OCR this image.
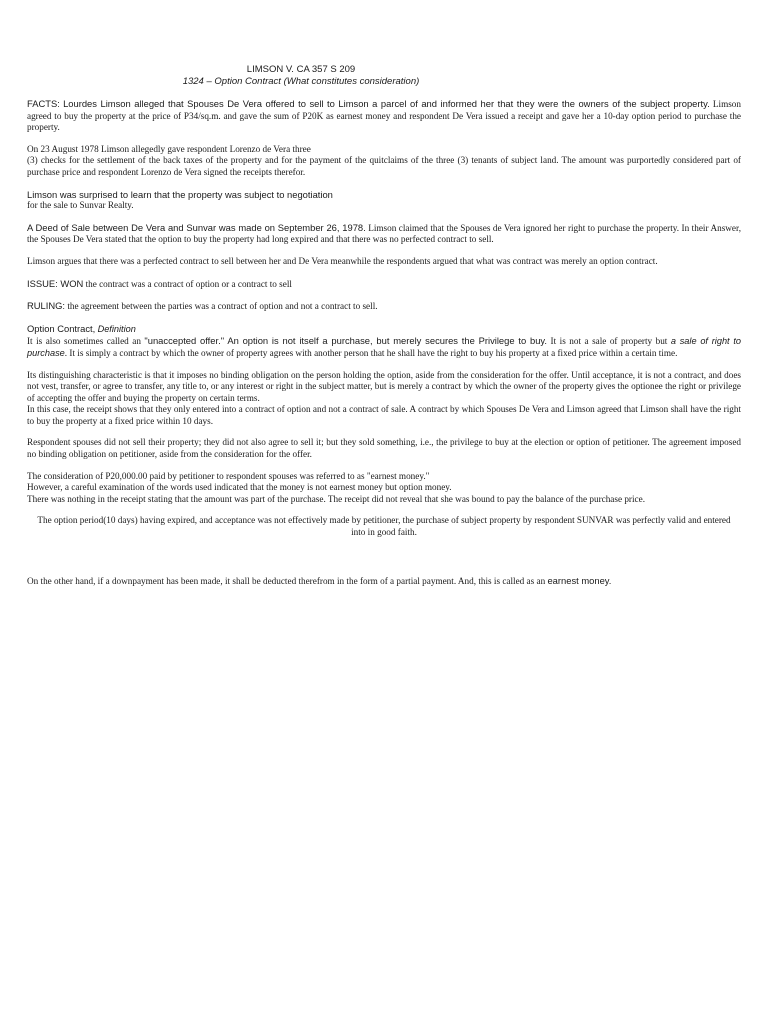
LIMSON V. CA 357 S 209
1324 – Option Contract (What constitutes consideration)

FACTS: Lourdes Limson alleged that Spouses De Vera offered to sell to Limson a parcel of and informed her that they were the owners of the subject property. Limson agreed to buy the property at the price of P34/sq.m. and gave the sum of P20K as earnest money and respondent De Vera issued a receipt and gave her a 10-day option period to purchase the property.

On 23 August 1978 Limson allegedly gave respondent Lorenzo de Vera three
(3) checks for the settlement of the back taxes of the property and for the payment of the quitclaims of the three (3) tenants of subject land. The amount was purportedly considered part of purchase price and respondent Lorenzo de Vera signed the receipts therefor.

Limson was surprised to learn that the property was subject to negotiation
for the sale to Sunvar Realty.

A Deed of Sale between De Vera and Sunvar was made on September 26, 1978. Limson claimed that the Spouses de Vera ignored her right to purchase the property. In their Answer, the Spouses De Vera stated that the option to buy the property had long expired and that there was no perfected contract to sell.

Limson argues that there was a perfected contract to sell between her and De Vera meanwhile the respondents argued that what was contract was merely an option contract.

ISSUE: WON the contract was a contract of option or a contract to sell

RULING: the agreement between the parties was a contract of option and not a contract to sell.

Option Contract, Definition
It is also sometimes called an "unaccepted offer." An option is not itself a purchase, but merely secures the Privilege to buy. It is not a sale of property but a sale of right to purchase. It is simply a contract by which the owner of property agrees with another person that he shall have the right to buy his property at a fixed price within a certain time.

Its distinguishing characteristic is that it imposes no binding obligation on the person holding the option, aside from the consideration for the offer. Until acceptance, it is not a contract, and does not vest, transfer, or agree to transfer, any title to, or any interest or right in the subject matter, but is merely a contract by which the owner of the property gives the optionee the right or privilege of accepting the offer and buying the property on certain terms.

In this case, the receipt shows that they only entered into a contract of option and not a contract of sale. A contract by which Spouses De Vera and Limson agreed that Limson shall have the right to buy the property at a fixed price within 10 days.

Respondent spouses did not sell their property; they did not also agree to sell it; but they sold something, i.e., the privilege to buy at the election or option of petitioner. The agreement imposed no binding obligation on petitioner, aside from the consideration for the offer.

The consideration of P20,000.00 paid by petitioner to respondent spouses was referred to as "earnest money."
However, a careful examination of the words used indicated that the money is not earnest money but option money.
There was nothing in the receipt stating that the amount was part of the purchase. The receipt did not reveal that she was bound to pay the balance of the purchase price.

The option period(10 days) having expired, and acceptance was not effectively made by petitioner, the purchase of subject property by respondent SUNVAR was perfectly valid and entered into in good faith.

On the other hand, if a downpayment has been made, it shall be deducted therefrom in the form of a partial payment. And, this is called as an earnest money.
